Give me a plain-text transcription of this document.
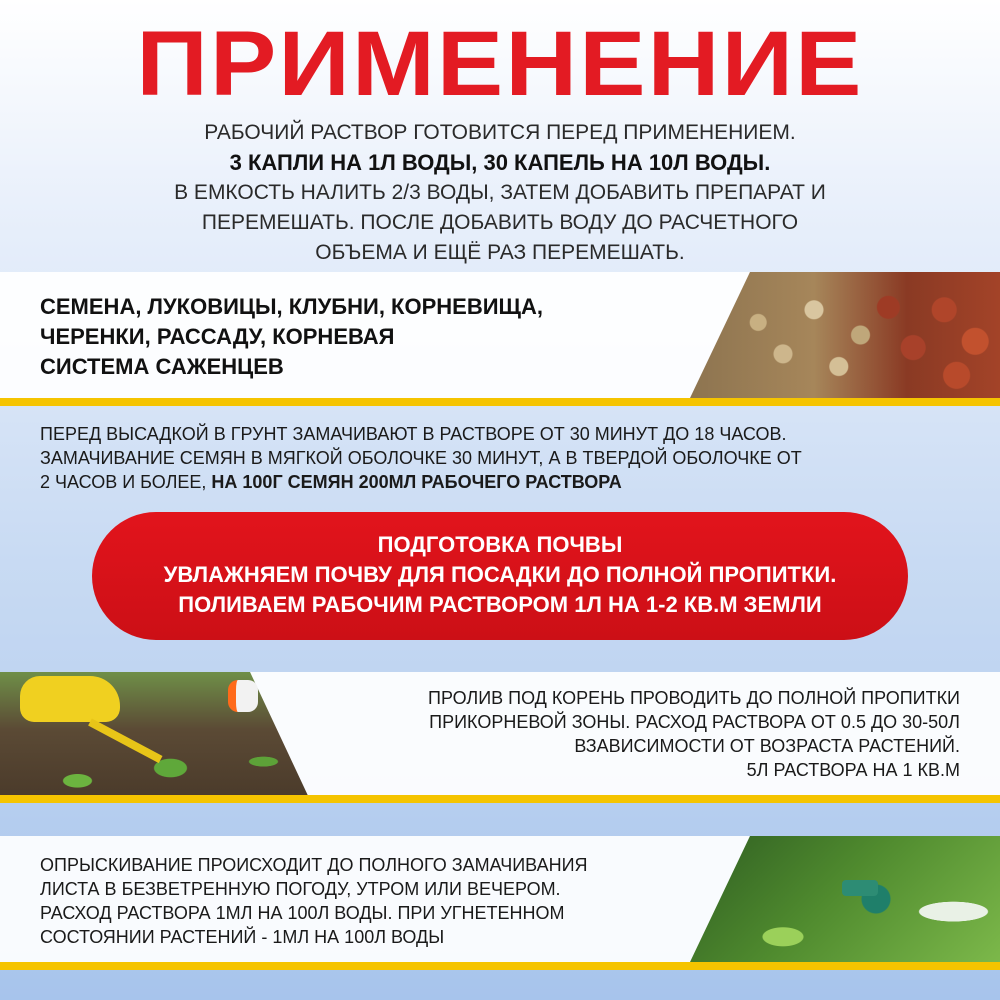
ПРИМЕНЕНИЕ
РАБОЧИЙ РАСТВОР ГОТОВИТСЯ ПЕРЕД ПРИМЕНЕНИЕМ.
3 КАПЛИ НА 1Л ВОДЫ, 30 КАПЕЛЬ НА 10Л ВОДЫ.
В ЕМКОСТЬ НАЛИТЬ 2/3 ВОДЫ, ЗАТЕМ ДОБАВИТЬ ПРЕПАРАТ И
ПЕРЕМЕШАТЬ. ПОСЛЕ ДОБАВИТЬ ВОДУ ДО РАСЧЕТНОГО
ОБЪЕМА И ЕЩЁ РАЗ ПЕРЕМЕШАТЬ.
СЕМЕНА, ЛУКОВИЦЫ, КЛУБНИ, КОРНЕВИЩА,
ЧЕРЕНКИ, РАССАДУ, КОРНЕВАЯ
СИСТЕМА САЖЕНЦЕВ
ПЕРЕД ВЫСАДКОЙ В ГРУНТ ЗАМАЧИВАЮТ В РАСТВОРЕ ОТ 30 МИНУТ ДО 18 ЧАСОВ.
ЗАМАЧИВАНИЕ СЕМЯН В МЯГКОЙ ОБОЛОЧКЕ 30 МИНУТ, А В ТВЕРДОЙ ОБОЛОЧКЕ ОТ
2 ЧАСОВ И БОЛЕЕ, НА 100Г СЕМЯН 200МЛ РАБОЧЕГО РАСТВОРА
ПОДГОТОВКА ПОЧВЫ
УВЛАЖНЯЕМ ПОЧВУ ДЛЯ ПОСАДКИ ДО ПОЛНОЙ ПРОПИТКИ.
ПОЛИВАЕМ РАБОЧИМ РАСТВОРОМ 1Л НА 1-2 КВ.М ЗЕМЛИ
ПРОЛИВ ПОД КОРЕНЬ ПРОВОДИТЬ ДО ПОЛНОЙ ПРОПИТКИ
ПРИКОРНЕВОЙ ЗОНЫ. РАСХОД РАСТВОРА ОТ 0.5 ДО 30-50Л
ВЗАВИСИМОСТИ ОТ ВОЗРАСТА РАСТЕНИЙ.
5Л РАСТВОРА НА 1 КВ.М
ОПРЫСКИВАНИЕ ПРОИСХОДИТ ДО ПОЛНОГО ЗАМАЧИВАНИЯ
ЛИСТА В БЕЗВЕТРЕННУЮ ПОГОДУ, УТРОМ ИЛИ ВЕЧЕРОМ.
РАСХОД РАСТВОРА 1МЛ НА 100Л ВОДЫ. ПРИ УГНЕТЕННОМ
СОСТОЯНИИ РАСТЕНИЙ - 1МЛ НА 100Л ВОДЫ
